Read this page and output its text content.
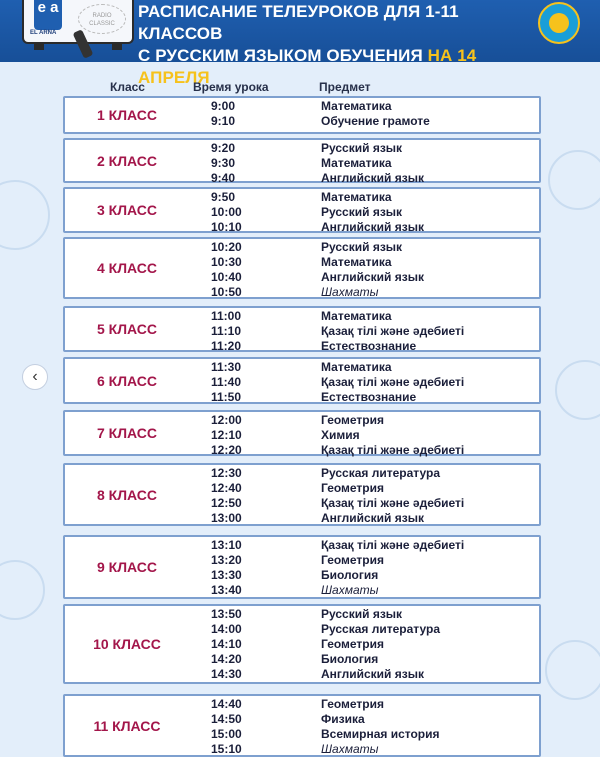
e a
EL ARNA
RADIO CLASSIC
РАСПИСАНИЕ ТЕЛЕУРОКОВ ДЛЯ 1-11 КЛАССОВ
С РУССКИМ ЯЗЫКОМ ОБУЧЕНИЯ НА 14 АПРЕЛЯ
Класс	Время урока	Предмет
‹
1 КЛАСС
9:00	Математика
9:10	Обучение грамоте
2 КЛАСС
9:20	Русский язык
9:30	Математика
9:40	Английский язык
3 КЛАСС
9:50	Математика
10:00	Русский язык
10:10	Английский язык
4 КЛАСС
10:20	Русский язык
10:30	Математика
10:40	Английский язык
10:50	Шахматы
5 КЛАСС
11:00	Математика
11:10	Қазақ тілі және әдебиеті
11:20	Естествознание
6 КЛАСС
11:30	Математика
11:40	Қазақ тілі және әдебиеті
11:50	Естествознание
7 КЛАСС
12:00	Геометрия
12:10	Химия
12:20	Қазақ тілі және әдебиеті
8 КЛАСС
12:30	Русская литература
12:40	Геометрия
12:50	Қазақ тілі және әдебиеті
13:00	Английский язык
9 КЛАСС
13:10	Қазақ тілі және әдебиеті
13:20	Геометрия
13:30	Биология
13:40	Шахматы
10 КЛАСС
13:50	Русский язык
14:00	Русская литература
14:10	Геометрия
14:20	Биология
14:30	Английский язык
11 КЛАСС
14:40	Геометрия
14:50	Физика
15:00	Всемирная история
15:10	Шахматы
